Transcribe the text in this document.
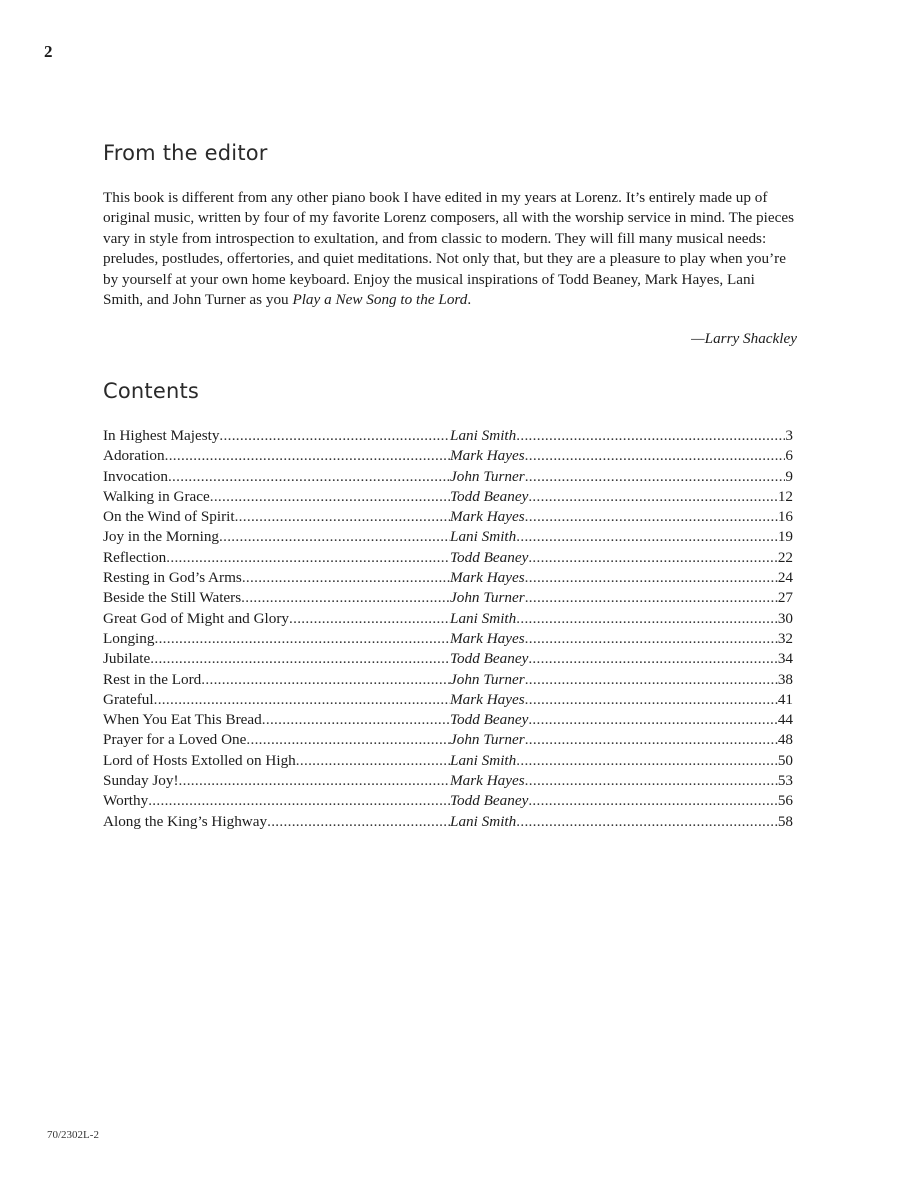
2
From the editor

This book is different from any other piano book I have edited in my years at Lorenz. It’s entirely made up of original music, written by four of my favorite Lorenz composers, all with the worship service in mind. The pieces vary in style from introspection to exultation, and from classic to modern. They will fill many musical needs: preludes, postludes, offertories, and quiet meditations. Not only that, but they are a pleasure to play when you’re by yourself at your own home keyboard. Enjoy the musical inspirations of Todd Beaney, Mark Hayes, Lani Smith, and John Turner as you Play a New Song to the Lord.

—Larry Shackley
Contents
In Highest Majesty .....	Lani Smith .....	3
Adoration .....	Mark Hayes .....	6
Invocation .....	John Turner .....	9
Walking in Grace .....	Todd Beaney .....	12
On the Wind of Spirit .....	Mark Hayes .....	16
Joy in the Morning .....	Lani Smith .....	19
Reflection .....	Todd Beaney .....	22
Resting in God’s Arms .....	Mark Hayes .....	24
Beside the Still Waters .....	John Turner .....	27
Great God of Might and Glory .....	Lani Smith .....	30
Longing .....	Mark Hayes .....	32
Jubilate .....	Todd Beaney .....	34
Rest in the Lord .....	John Turner .....	38
Grateful .....	Mark Hayes .....	41
When You Eat This Bread .....	Todd Beaney .....	44
Prayer for a Loved One .....	John Turner .....	48
Lord of Hosts Extolled on High .....	Lani Smith .....	50
Sunday Joy! .....	Mark Hayes .....	53
Worthy .....	Todd Beaney .....	56
Along the King’s Highway .....	Lani Smith .....	58
70/2302L-2
